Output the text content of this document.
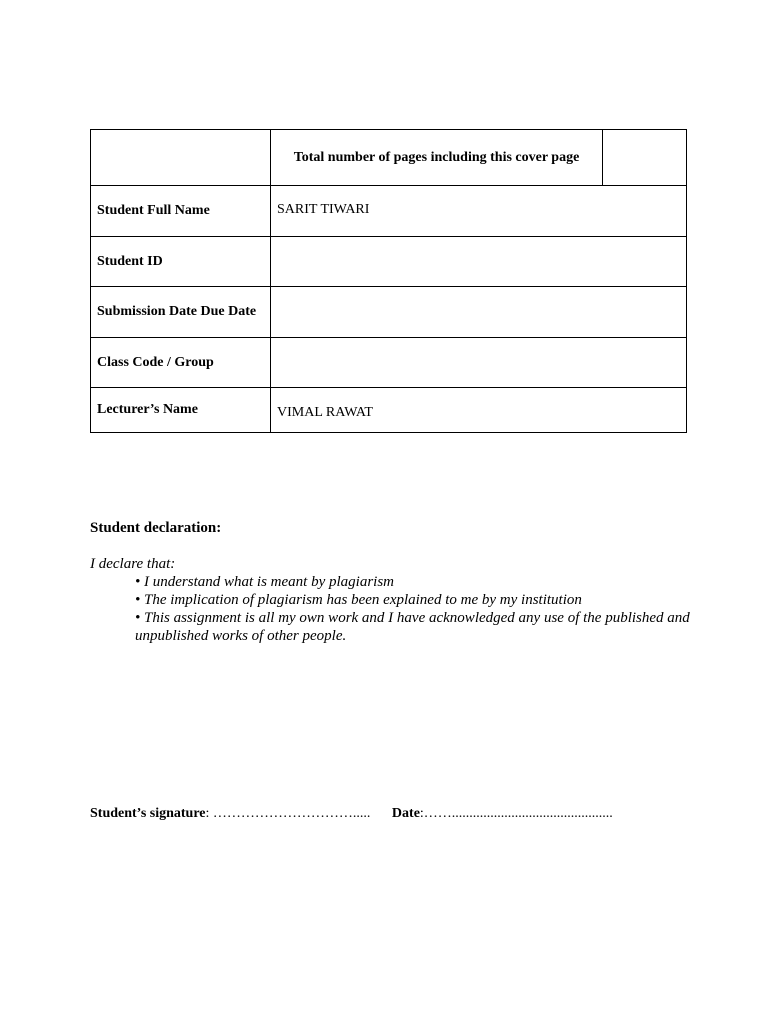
	Total number of pages including this cover page	
Student Full Name	SARIT TIWARI	
Student ID		
Submission Date Due Date		
Class Code / Group		
Lecturer’s Name	VIMAL RAWAT	
Student declaration:
I declare that:
• I understand what is meant by plagiarism
• The implication of plagiarism has been explained to me by my institution
• This assignment is all my own work and I have acknowledged any use of the published and unpublished works of other people.
Student’s signature: …………………………..... Date:……..............................................
